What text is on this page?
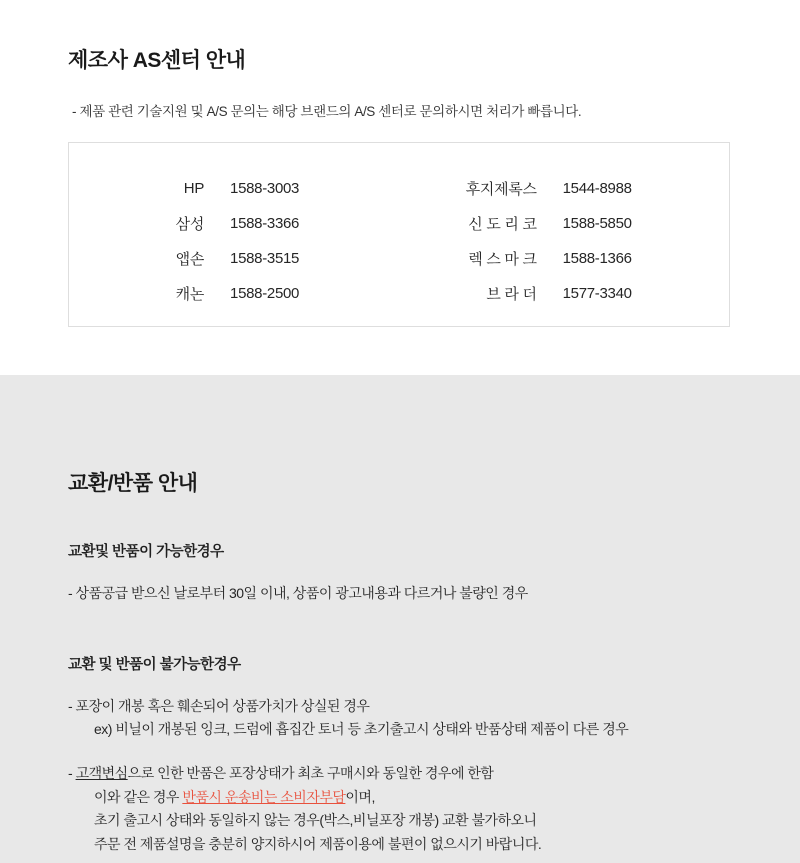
제조사 AS센터 안내

- 제품 관련 기술지원 및 A/S 문의는 해당 브랜드의 A/S 센터로 문의하시면 처리가 빠릅니다.

HP	1588-3003	후지제록스	1544-8988
삼성	1588-3366	신 도 리 코	1588-5850
앱손	1588-3515	렉 스 마 크	1588-1366
캐논	1588-2500	브 라 더	1577-3340
교환/반품 안내
교환및 반품이 가능한경우

- 상품공급 받으신 날로부터 30일 이내, 상품이 광고내용과 다르거나 불량인 경우

교환 및 반품이 불가능한경우

- 포장이 개봉 혹은 훼손되어 상품가치가 상실된 경우

ex) 비닐이 개봉된 잉크, 드럼에 흡집간 토너 등 초기출고시 상태와 반품상태 제품이 다른 경우

- 고객변심으로 인한 반품은 포장상태가 최초 구매시와 동일한 경우에 한함

이와 같은 경우 반품시 운송비는 소비자부담이며,

초기 출고시 상태와 동일하지 않는 경우(박스,비닐포장 개봉) 교환 불가하오니

주문 전 제품설명을 충분히 양지하시어 제품이용에 불편이 없으시기 바랍니다.
